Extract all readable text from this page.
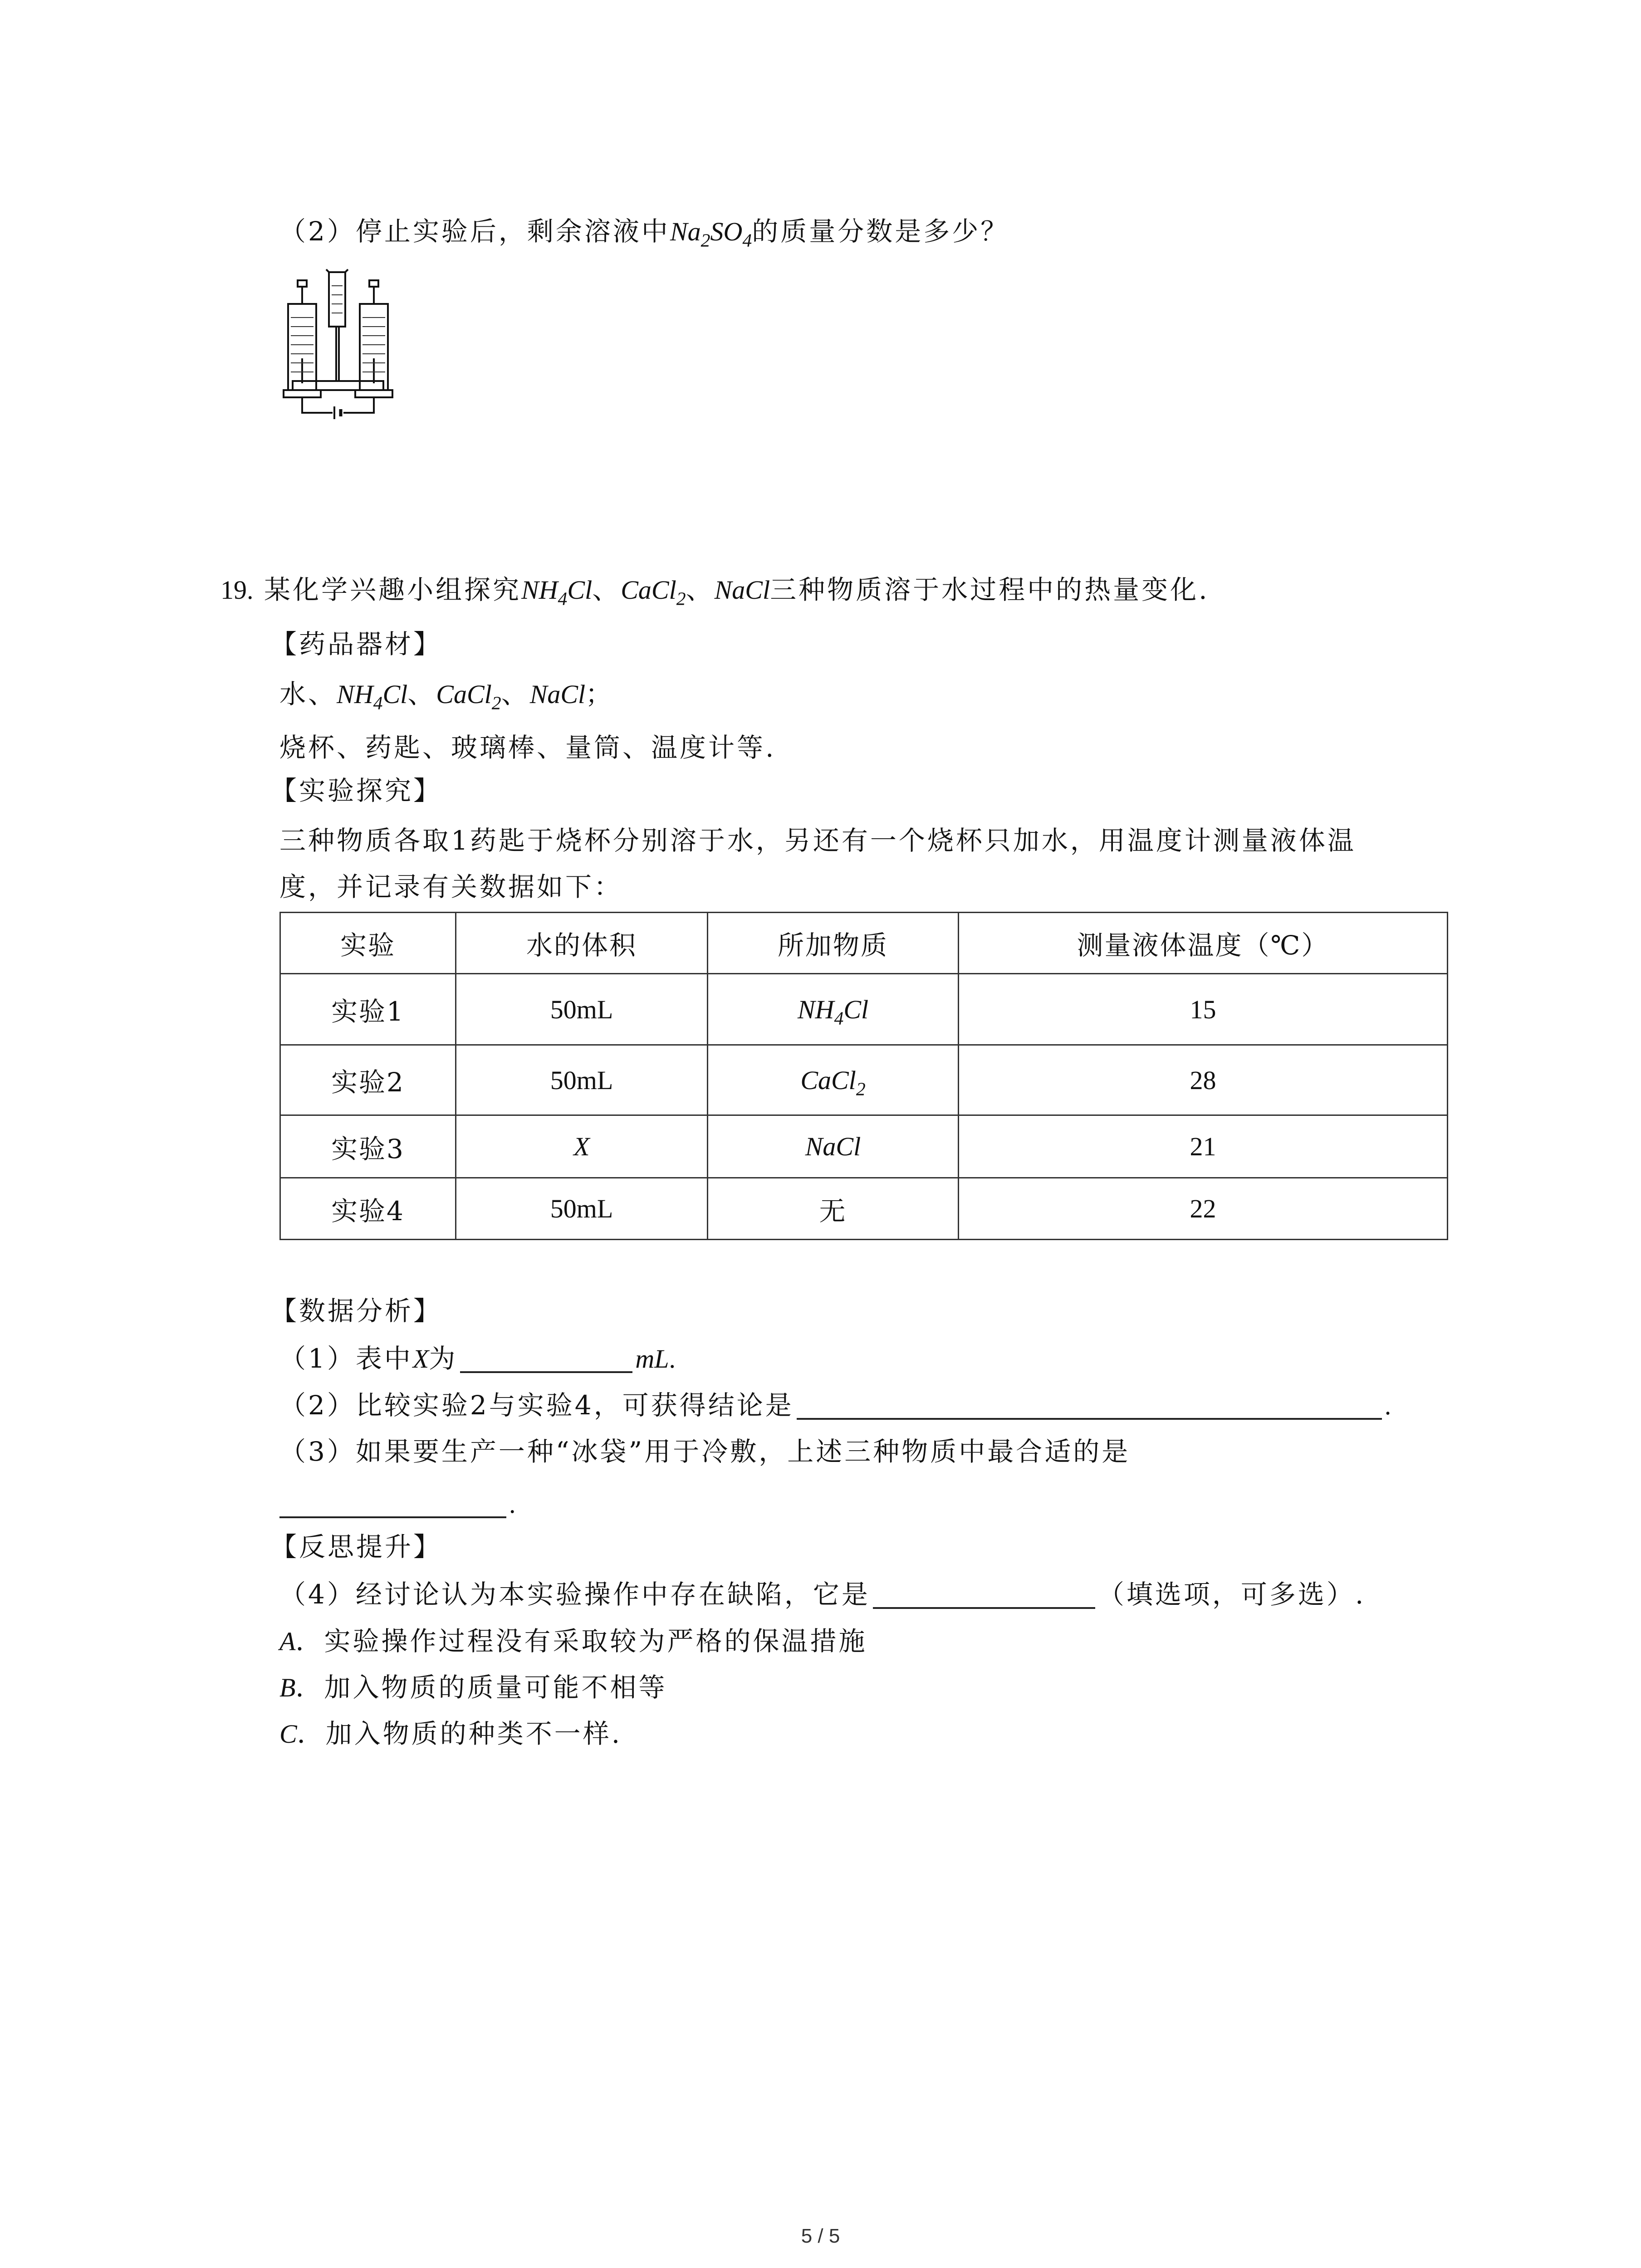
（2）停止实验后，剩余溶液中$Na_2SO_4$的质量分数是多少？
19. 某化学兴趣小组探究$NH_4Cl$、CaCl$_2$、NaCl三种物质溶于水过程中的热量变化.
【药品器材】
水、$NH_4Cl$、CaCl$_2$、NaCl；
烧杯、药匙、玻璃棒、量筒、温度计等.
【实验探究】
三种物质各取1药匙于烧杯分别溶于水，另还有一个烧杯只加水，用温度计测量液体温
度，并记录有关数据如下：
实验	水的体积	所加物质	测量液体温度（℃）
实验1	50mL	$NH_4Cl$	15
实验2	50mL	CaCl$_2$	28
实验3	X	NaCl	21
实验4	50mL	无	22
【数据分析】
（1）表中X为	mL.
（2）比较实验2与实验4，可获得结论是	.
（3）如果要生产一种“冰袋”用于冷敷，上述三种物质中最合适的是
.
【反思提升】
（4）经讨论认为本实验操作中存在缺陷，它是	（填选项，可多选）.
A．实验操作过程没有采取较为严格的保温措施
B．加入物质的质量可能不相等
C．加入物质的种类不一样.
5 / 5
